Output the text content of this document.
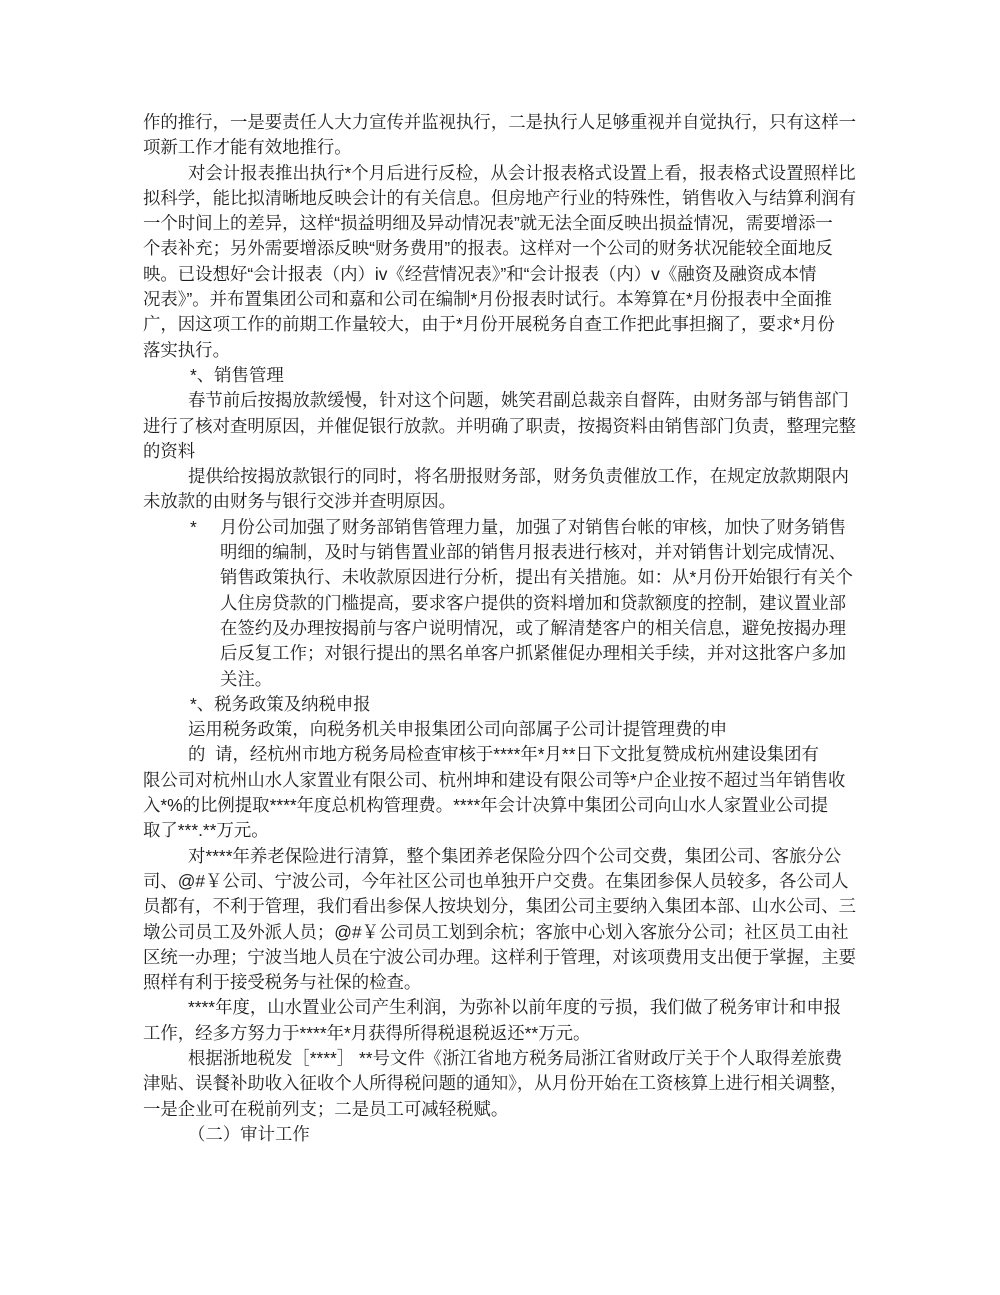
作的推行，一是要责任人大力宣传并监视执行，二是执行人足够重视并自觉执行，只有这样一
项新工作才能有效地推行。
对会计报表推出执行*个月后进行反检，从会计报表格式设置上看，报表格式设置照样比
拟科学，能比拟清晰地反映会计的有关信息。但房地产行业的特殊性，销售收入与结算利润有
一个时间上的差异，这样“损益明细及异动情况表”就无法全面反映出损益情况，需要增添一
个表补充；另外需要增添反映“财务费用”的报表。这样对一个公司的财务状况能较全面地反
映。已设想好“会计报表（内）iv《经营情况表》”和“会计报表（内）v《融资及融资成本情
况表》”。并布置集团公司和嘉和公司在编制*月份报表时试行。本筹算在*月份报表中全面推
广，因这项工作的前期工作量较大，由于*月份开展税务自查工作把此事担搁了，要求*月份
落实执行。
*、销售管理
春节前后按揭放款缓慢，针对这个问题，姚笑君副总裁亲自督阵，由财务部与销售部门
进行了核对查明原因，并催促银行放款。并明确了职责，按揭资料由销售部门负责，整理完整
的资料
提供给按揭放款银行的同时，将名册报财务部，财务负责催放工作，在规定放款期限内
未放款的由财务与银行交涉并查明原因。
* 月份公司加强了财务部销售管理力量，加强了对销售台帐的审核，加快了财务销售
明细的编制，及时与销售置业部的销售月报表进行核对，并对销售计划完成情况、
销售政策执行、未收款原因进行分析，提出有关措施。如：从*月份开始银行有关个
人住房贷款的门槛提高，要求客户提供的资料增加和贷款额度的控制，建议置业部
在签约及办理按揭前与客户说明情况，或了解清楚客户的相关信息，避免按揭办理
后反复工作；对银行提出的黑名单客户抓紧催促办理相关手续，并对这批客户多加
关注。
*、税务政策及纳税申报
运用税务政策，向税务机关申报集团公司向部属子公司计提管理费的申
的  请，经杭州市地方税务局检查审核于****年*月**日下文批复赞成杭州建设集团有
限公司对杭州山水人家置业有限公司、杭州坤和建设有限公司等*户企业按不超过当年销售收
入*%的比例提取****年度总机构管理费。****年会计决算中集团公司向山水人家置业公司提
取了***.**万元。
对****年养老保险进行清算，整个集团养老保险分四个公司交费，集团公司、客旅分公
司、@#￥公司、宁波公司，今年社区公司也单独开户交费。在集团参保人员较多，各公司人
员都有，不利于管理，我们看出参保人按块划分，集团公司主要纳入集团本部、山水公司、三
墩公司员工及外派人员；@#￥公司员工划到余杭；客旅中心划入客旅分公司；社区员工由社
区统一办理；宁波当地人员在宁波公司办理。这样利于管理，对该项费用支出便于掌握，主要
照样有利于接受税务与社保的检查。
****年度，山水置业公司产生利润，为弥补以前年度的亏损，我们做了税务审计和申报
工作，经多方努力于****年*月获得所得税退税返还**万元。
根据浙地税发［****］ **号文件《浙江省地方税务局浙江省财政厅关于个人取得差旅费
津贴、误餐补助收入征收个人所得税问题的通知》，从月份开始在工资核算上进行相关调整，
一是企业可在税前列支；二是员工可减轻税赋。
（二）审计工作
